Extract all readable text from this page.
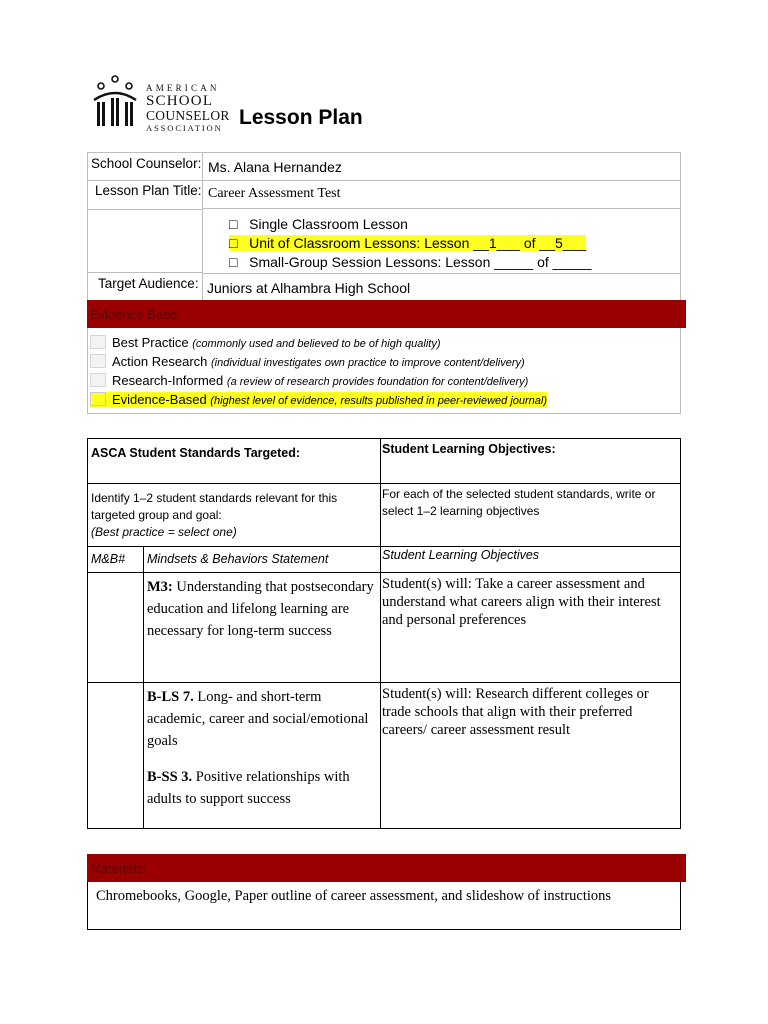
AMERICAN
SCHOOL
COUNSELOR
ASSOCIATION Lesson Plan
School Counselor: Ms. Alana Hernandez
Lesson Plan Title: Career Assessment Test
□ Single Classroom Lesson
□ Unit of Classroom Lessons: Lesson __1___ of __5___
□ Small-Group Session Lessons: Lesson _____ of _____
Target Audience: Juniors at Alhambra High School
Evidence Base:
Best Practice (commonly used and believed to be of high quality)
Action Research (individual investigates own practice to improve content/delivery)
Research-Informed (a review of research provides foundation for content/delivery)
Evidence-Based (highest level of evidence, results published in peer-reviewed journal)
ASCA Student Standards Targeted:	Student Learning Objectives:
Identify 1–2 student standards relevant for this
targeted group and goal:
(Best practice = select one)
For each of the selected student standards, write or
select 1–2 learning objectives
M&B# Mindsets & Behaviors Statement	Student Learning Objectives
M3: Understanding that postsecondary education and lifelong learning are necessary for long-term success
Student(s) will: Take a career assessment and understand what careers align with their interest and personal preferences
B-LS 7. Long- and short-term academic, career and social/emotional goals
B-SS 3. Positive relationships with adults to support success
Student(s) will: Research different colleges or trade schools that align with their preferred careers/ career assessment result
Materials:
Chromebooks, Google, Paper outline of career assessment, and slideshow of instructions
